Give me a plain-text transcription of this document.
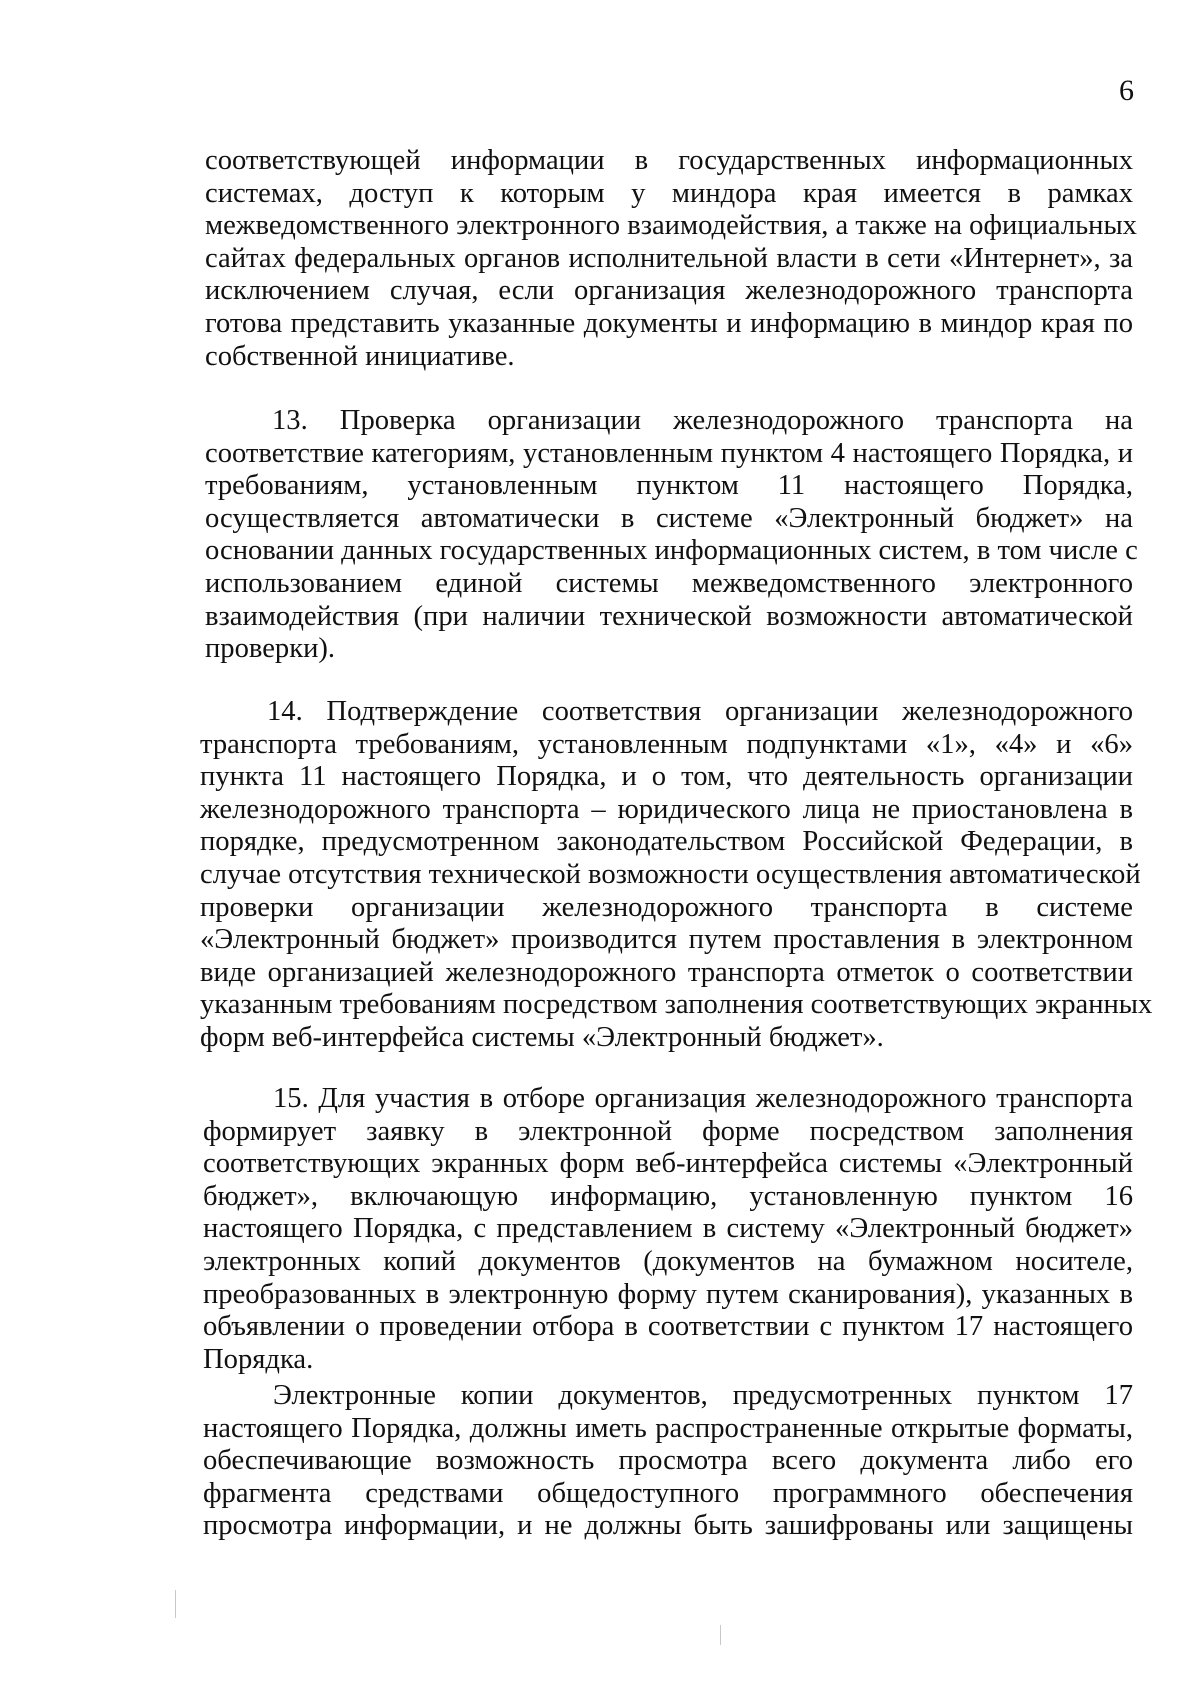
6
соответствующей информации в государственных информационных
системах, доступ к которым у миндора края имеется в рамках
межведомственного электронного взаимодействия, а также на официальных
сайтах федеральных органов исполнительной власти в сети «Интернет», за
исключением случая, если организация железнодорожного транспорта
готова представить указанные документы и информацию в миндор края по
собственной инициативе.
13. Проверка организации железнодорожного транспорта на
соответствие категориям, установленным пунктом 4 настоящего Порядка, и
требованиям, установленным пунктом 11 настоящего Порядка,
осуществляется автоматически в системе «Электронный бюджет» на
основании данных государственных информационных систем, в том числе с
использованием единой системы межведомственного электронного
взаимодействия (при наличии технической возможности автоматической
проверки).
14. Подтверждение соответствия организации железнодорожного
транспорта требованиям, установленным подпунктами «1», «4» и «6»
пункта 11 настоящего Порядка, и о том, что деятельность организации
железнодорожного транспорта – юридического лица не приостановлена в
порядке, предусмотренном законодательством Российской Федерации, в
случае отсутствия технической возможности осуществления автоматической
проверки организации железнодорожного транспорта в системе
«Электронный бюджет» производится путем проставления в электронном
виде организацией железнодорожного транспорта отметок о соответствии
указанным требованиям посредством заполнения соответствующих экранных
форм веб-интерфейса системы «Электронный бюджет».
15. Для участия в отборе организация железнодорожного транспорта
формирует заявку в электронной форме посредством заполнения
соответствующих экранных форм веб-интерфейса системы «Электронный
бюджет», включающую информацию, установленную пунктом 16
настоящего Порядка, с представлением в систему «Электронный бюджет»
электронных копий документов (документов на бумажном носителе,
преобразованных в электронную форму путем сканирования), указанных в
объявлении о проведении отбора в соответствии с пунктом 17 настоящего
Порядка.
Электронные копии документов, предусмотренных пунктом 17
настоящего Порядка, должны иметь распространенные открытые форматы,
обеспечивающие возможность просмотра всего документа либо его
фрагмента средствами общедоступного программного обеспечения
просмотра информации, и не должны быть зашифрованы или защищены
